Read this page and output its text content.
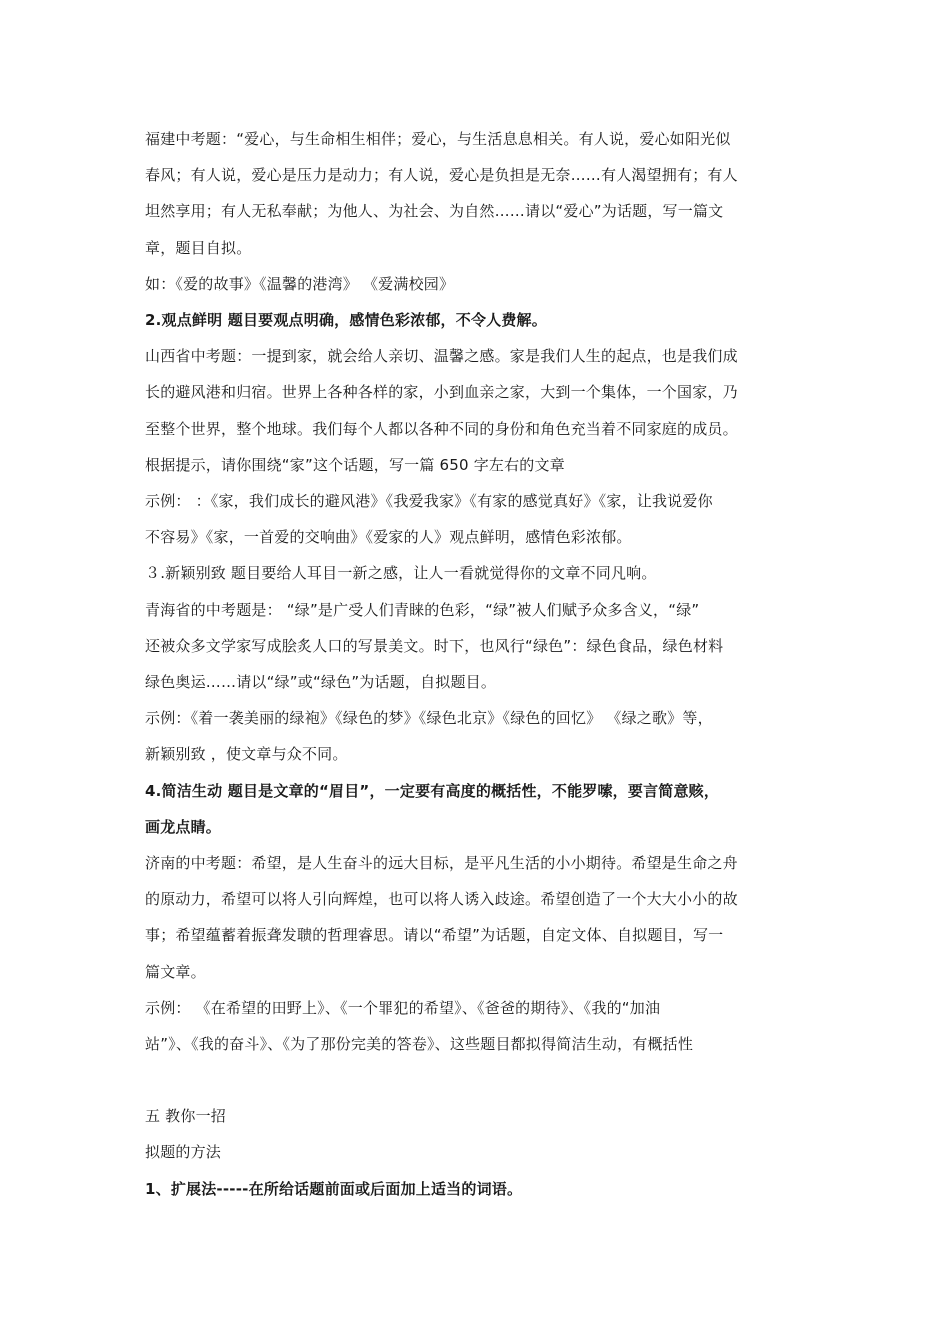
福建中考题：“爱心，与生命相生相伴；爱心，与生活息息相关。有人说，爱心如阳光似
春风；有人说，爱心是压力是动力；有人说，爱心是负担是无奈……有人渴望拥有；有人
坦然享用；有人无私奉献；为他人、为社会、为自然……请以“爱心”为话题，写一篇文
章，题目自拟。

如：《爱的故事》《温馨的港湾》 《爱满校园》

2.观点鲜明 题目要观点明确，感情色彩浓郁，不令人费解。

山西省中考题：一提到家，就会给人亲切、温馨之感。家是我们人生的起点，也是我们成
长的避风港和归宿。世界上各种各样的家，小到血亲之家，大到一个集体，一个国家，乃
至整个世界，整个地球。我们每个人都以各种不同的身份和角色充当着不同家庭的成员。
根据提示，请你围绕“家”这个话题，写一篇 650 字左右的文章

示例： ：《家，我们成长的避风港》《我爱我家》《有家的感觉真好》《家，让我说爱你
不容易》《家，一首爱的交响曲》《爱家的人》观点鲜明，感情色彩浓郁。

３.新颖别致 题目要给人耳目一新之感，让人一看就觉得你的文章不同凡响。

青海省的中考题是： “绿”是广受人们青睐的色彩，“绿”被人们赋予众多含义，“绿”
还被众多文学家写成脍炙人口的写景美文。时下，也风行“绿色”：绿色食品，绿色材料
绿色奥运……请以“绿”或“绿色”为话题，自拟题目。

示例：《着一袭美丽的绿袍》《绿色的梦》《绿色北京》《绿色的回忆》 《绿之歌》等，
新颖别致 ，使文章与众不同。

4.简洁生动 题目是文章的“眉目”，一定要有高度的概括性，不能罗嗦，要言简意赅，
画龙点睛。

济南的中考题：希望，是人生奋斗的远大目标，是平凡生活的小小期待。希望是生命之舟
的原动力，希望可以将人引向辉煌，也可以将人诱入歧途。希望创造了一个大大小小的故
事；希望蕴蓄着振聋发聩的哲理睿思。请以“希望”为话题，自定文体、自拟题目，写一
篇文章。

示例： 《在希望的田野上》、《一个罪犯的希望》、《爸爸的期待》、《我的“加油
站”》、《我的奋斗》、《为了那份完美的答卷》、这些题目都拟得简洁生动，有概括性

五 教你一招

拟题的方法

1、扩展法-----在所给话题前面或后面加上适当的词语。
